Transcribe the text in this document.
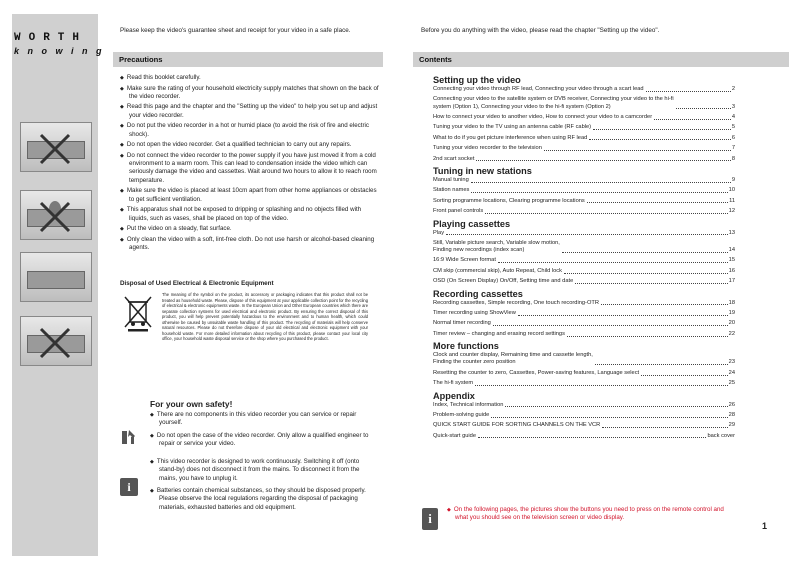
WORTH
knowing
Please keep the video's guarantee sheet and receipt for your video in a safe place.
Precautions
◆ Read this booklet carefully.
◆ Make sure the rating of your household electricity supply matches that shown on the back of the video recorder.
◆ Read this page and the chapter and the "Setting up the video" to help you set up and adjust your video recorder.
◆ Do not put the video recorder in a hot or humid place (to avoid the risk of fire and electric shock).
◆ Do not open the video recorder. Get a qualified technician to carry out any repairs.
◆ Do not connect the video recorder to the power supply if you have just moved it from a cold environment to a warm room. This can lead to condensation inside the video which can seriously damage the video and cassettes. Wait around two hours to allow it to reach room temperature.
◆ Make sure the video is placed at least 10cm apart from other home appliances or obstacles to get sufficient ventilation.
◆ This apparatus shall not be exposed to dripping or splashing and no objects filled with liquids, such as vases, shall be placed on top of the video.
◆ Put the video on a steady, flat surface.
◆ Only clean the video with a soft, lint-free cloth. Do not use harsh or alcohol-based cleaning agents.
Disposal of Used Electrical & Electronic Equipment
The meaning of the symbol on the product, its accessory or packaging indicates that this product shall not be treated as household waste. Please, dispose of this equipment at your applicable collection point for the recycling of electrical & electronic equipments waste. In the European Union and Other European countries which there are separate collection systems for used electrical and electronic product. By ensuring the correct disposal of this product, you will help prevent potentially hazardous to the environment and to human health, which could otherwise be caused by unsuitable waste handling of this product. The recycling of materials will help conserve natural resources. Please do not therefore dispose of your old electrical and electronic equipment with your household waste. For more detailed information about recycling of this product, please contact your local city office, your household waste disposal service or the shop where you purchased the product.
For your own safety!
◆ There are no components in this video recorder you can service or repair yourself.
◆ Do not open the case of the video recorder. Only allow a qualified engineer to repair or service your video.
◆ This video recorder is designed to work continuously. Switching it off (onto stand-by) does not disconnect it from the mains. To disconnect it from the mains, you have to unplug it.
◆ Batteries contain chemical substances, so they should be disposed properly. Please observe the local regulations regarding the disposal of packaging materials, exhausted batteries and old equipment.
i
Before you do anything with the video, please read the chapter "Setting up the video".
Contents
Setting up the video
Connecting your video through RF lead, Connecting your video through a scart lead	2
Connecting your video to the satellite system or DVB receiver, Connecting your video to the hi-fi
system (Option 1), Connecting your video to the hi-fi system (Option 2)	3
How to connect your video to another video, How to connect your video to a camcorder	4
Tuning your video to the TV using an antenna cable (RF cable)	5
What to do if you get picture interference when using RF lead	6
Tuning your video recorder to the television	7
2nd scart socket	8
Tuning in new stations
Manual tuning	9
Station names	10
Sorting programme locations, Clearing programme locations	11
Front panel controls	12
Playing cassettes
Play	13
Still, Variable picture search, Variable slow motion,
Finding new recordings (index scan)	14
16:9 Wide Screen format	15
CM skip (commercial skip), Auto Repeat, Child lock	16
OSD (On Screen Display) On/Off, Setting time and date	17
Recording cassettes
Recording cassettes, Simple recording, One touch recording-OTR	18
Timer recording using ShowView	19
Normal timer recording	20
Timer review – changing and erasing record settings	22
More functions
Clock and counter display, Remaining time and cassette length,
Finding the counter zero position	23
Resetting the counter to zero, Cassettes, Power-saving features, Language select	24
The hi-fi system	25
Appendix
Index, Technical information	26
Problem-solving guide	28
QUICK START GUIDE FOR SORTING CHANNELS ON THE VCR	29
Quick-start guide	back cover
i
◆ On the following pages, the pictures show the buttons you need to press on the remote control and what you should see on the television screen or video display.
1
